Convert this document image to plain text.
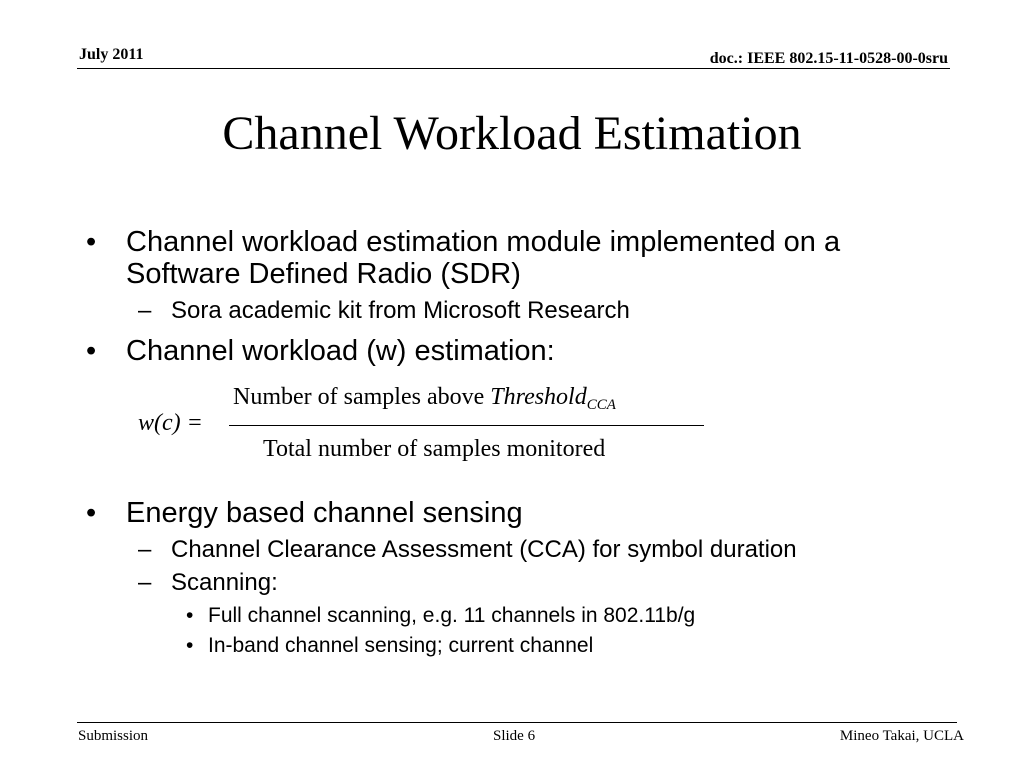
July 2011	doc.: IEEE 802.15-11-0528-00-0sru
Channel Workload Estimation
• Channel workload estimation module implemented on a Software Defined Radio (SDR)
– Sora academic kit from Microsoft Research
• Channel workload (w) estimation:
w(c) =
Number of samples above Threshold$_{CCA}$
Total number of samples monitored
• Energy based channel sensing
– Channel Clearance Assessment (CCA) for symbol duration
– Scanning:
• Full channel scanning, e.g. 11 channels in 802.11b/g
• In-band channel sensing; current channel
Submission	Slide 6	Mineo Takai, UCLA
